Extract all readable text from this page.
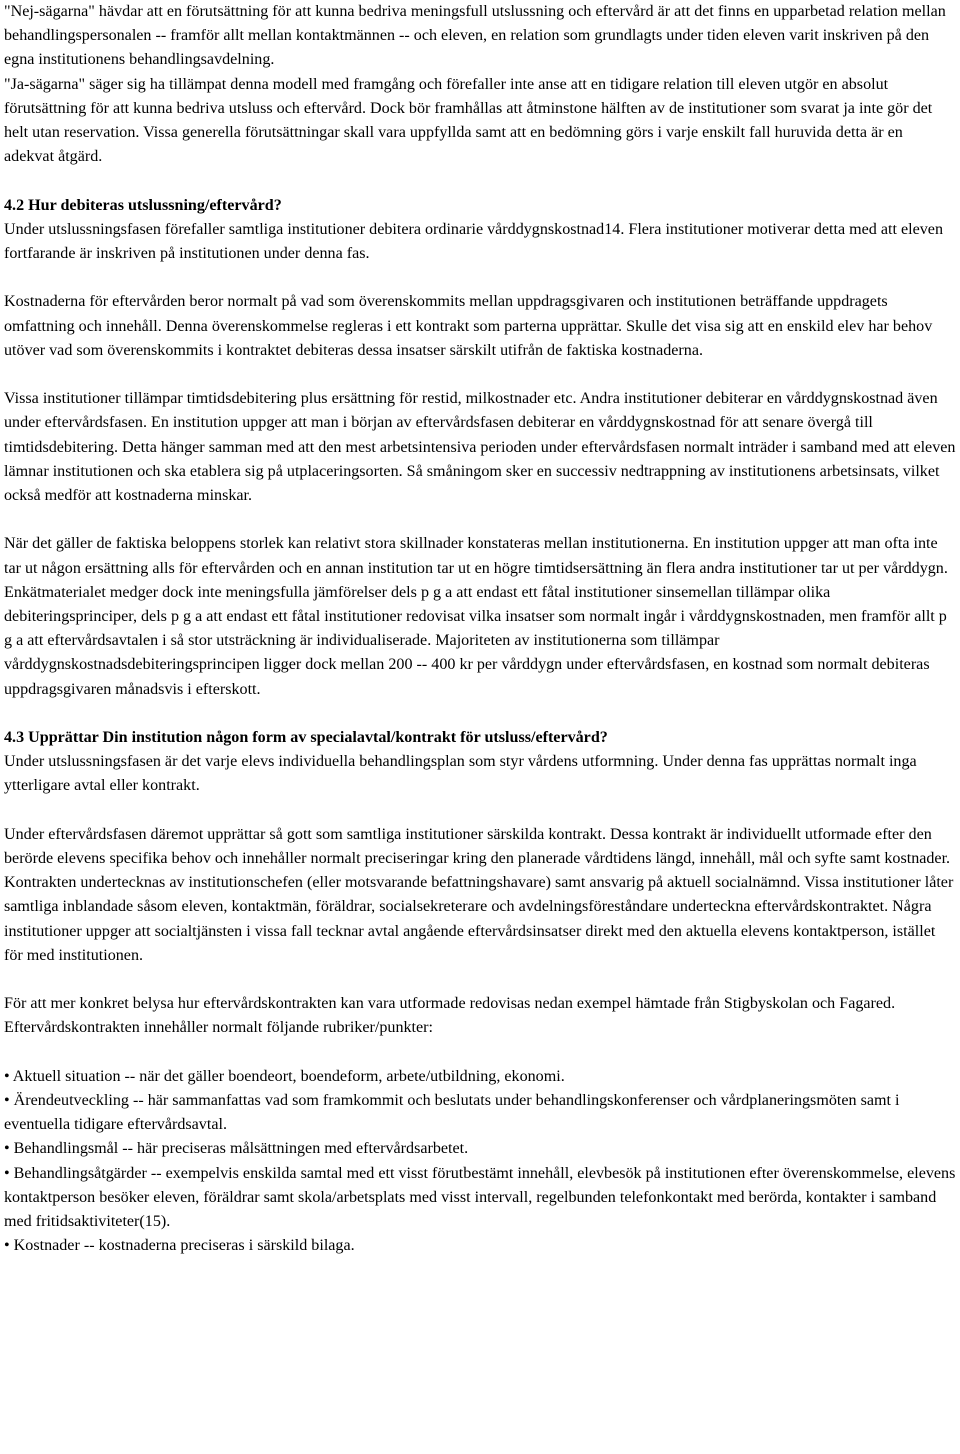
"Nej-sägarna" hävdar att en förutsättning för att kunna bedriva meningsfull utslussning och eftervård är att det finns en upparbetad relation mellan behandlingspersonalen -- framför allt mellan kontaktmännen -- och eleven, en relation som grundlagts under tiden eleven varit inskriven på den egna institutionens behandlingsavdelning.

"Ja-sägarna" säger sig ha tillämpat denna modell med framgång och förefaller inte anse att en tidigare relation till eleven utgör en absolut förutsättning för att kunna bedriva utsluss och eftervård. Dock bör framhållas att åtminstone hälften av de institutioner som svarat ja inte gör det helt utan reservation. Vissa generella förutsättningar skall vara uppfyllda samt att en bedömning görs i varje enskilt fall huruvida detta är en adekvat åtgärd.

4.2 Hur debiteras utslussning/eftervård?

Under utslussningsfasen förefaller samtliga institutioner debitera ordinarie vårddygnskostnad14. Flera institutioner motiverar detta med att eleven fortfarande är inskriven på institutionen under denna fas.

Kostnaderna för eftervården beror normalt på vad som överenskommits mellan uppdragsgivaren och institutionen beträffande uppdragets omfattning och innehåll. Denna överenskommelse regleras i ett kontrakt som parterna upprättar. Skulle det visa sig att en enskild elev har behov utöver vad som överenskommits i kontraktet debiteras dessa insatser särskilt utifrån de faktiska kostnaderna.

Vissa institutioner tillämpar timtidsdebitering plus ersättning för restid, milkostnader etc. Andra institutioner debiterar en vårddygnskostnad även under eftervårdsfasen. En institution uppger att man i början av eftervårdsfasen debiterar en vårddygnskostnad för att senare övergå till timtidsdebitering. Detta hänger samman med att den mest arbetsintensiva perioden under eftervårdsfasen normalt inträder i samband med att eleven lämnar institutionen och ska etablera sig på utplaceringsorten. Så småningom sker en successiv nedtrappning av institutionens arbetsinsats, vilket också medför att kostnaderna minskar.

När det gäller de faktiska beloppens storlek kan relativt stora skillnader konstateras mellan institutionerna. En institution uppger att man ofta inte tar ut någon ersättning alls för eftervården och en annan institution tar ut en högre timtidsersättning än flera andra institutioner tar ut per vårddygn. Enkätmaterialet medger dock inte meningsfulla jämförelser dels p g a att endast ett fåtal institutioner sinsemellan tillämpar olika debiteringsprinciper, dels p g a att endast ett fåtal institutioner redovisat vilka insatser som normalt ingår i vårddygnskostnaden, men framför allt p g a att eftervårdsavtalen i så stor utsträckning är individualiserade. Majoriteten av institutionerna som tillämpar vårddygnskostnadsdebiteringsprincipen ligger dock mellan 200 -- 400 kr per vårddygn under eftervårdsfasen, en kostnad som normalt debiteras uppdragsgivaren månadsvis i efterskott.

4.3 Upprättar Din institution någon form av specialavtal/kontrakt för utsluss/eftervård?

Under utslussningsfasen är det varje elevs individuella behandlingsplan som styr vårdens utformning. Under denna fas upprättas normalt inga ytterligare avtal eller kontrakt.

Under eftervårdsfasen däremot upprättar så gott som samtliga institutioner särskilda kontrakt. Dessa kontrakt är individuellt utformade efter den berörde elevens specifika behov och innehåller normalt preciseringar kring den planerade vårdtidens längd, innehåll, mål och syfte samt kostnader. Kontrakten undertecknas av institutionschefen (eller motsvarande befattningshavare) samt ansvarig på aktuell socialnämnd. Vissa institutioner låter samtliga inblandade såsom eleven, kontaktmän, föräldrar, socialsekreterare och avdelningsföreståndare underteckna eftervårdskontraktet. Några institutioner uppger att socialtjänsten i vissa fall tecknar avtal angående eftervårdsinsatser direkt med den aktuella elevens kontaktperson, istället för med institutionen.

För att mer konkret belysa hur eftervårdskontrakten kan vara utformade redovisas nedan exempel hämtade från Stigbyskolan och Fagared. Eftervårdskontrakten innehåller normalt följande rubriker/punkter:

• Aktuell situation -- när det gäller boendeort, boendeform, arbete/utbildning, ekonomi.
• Ärendeutveckling -- här sammanfattas vad som framkommit och beslutats under behandlingskonferenser och vårdplaneringsmöten samt i eventuella tidigare eftervårdsavtal.
• Behandlingsmål -- här preciseras målsättningen med eftervårdsarbetet.
• Behandlingsåtgärder -- exempelvis enskilda samtal med ett visst förutbestämt innehåll, elevbesök på institutionen efter överenskommelse, elevens kontaktperson besöker eleven, föräldrar samt skola/arbetsplats med visst intervall, regelbunden telefonkontakt med berörda, kontakter i samband med fritidsaktiviteter(15).
• Kostnader -- kostnaderna preciseras i särskild bilaga.
